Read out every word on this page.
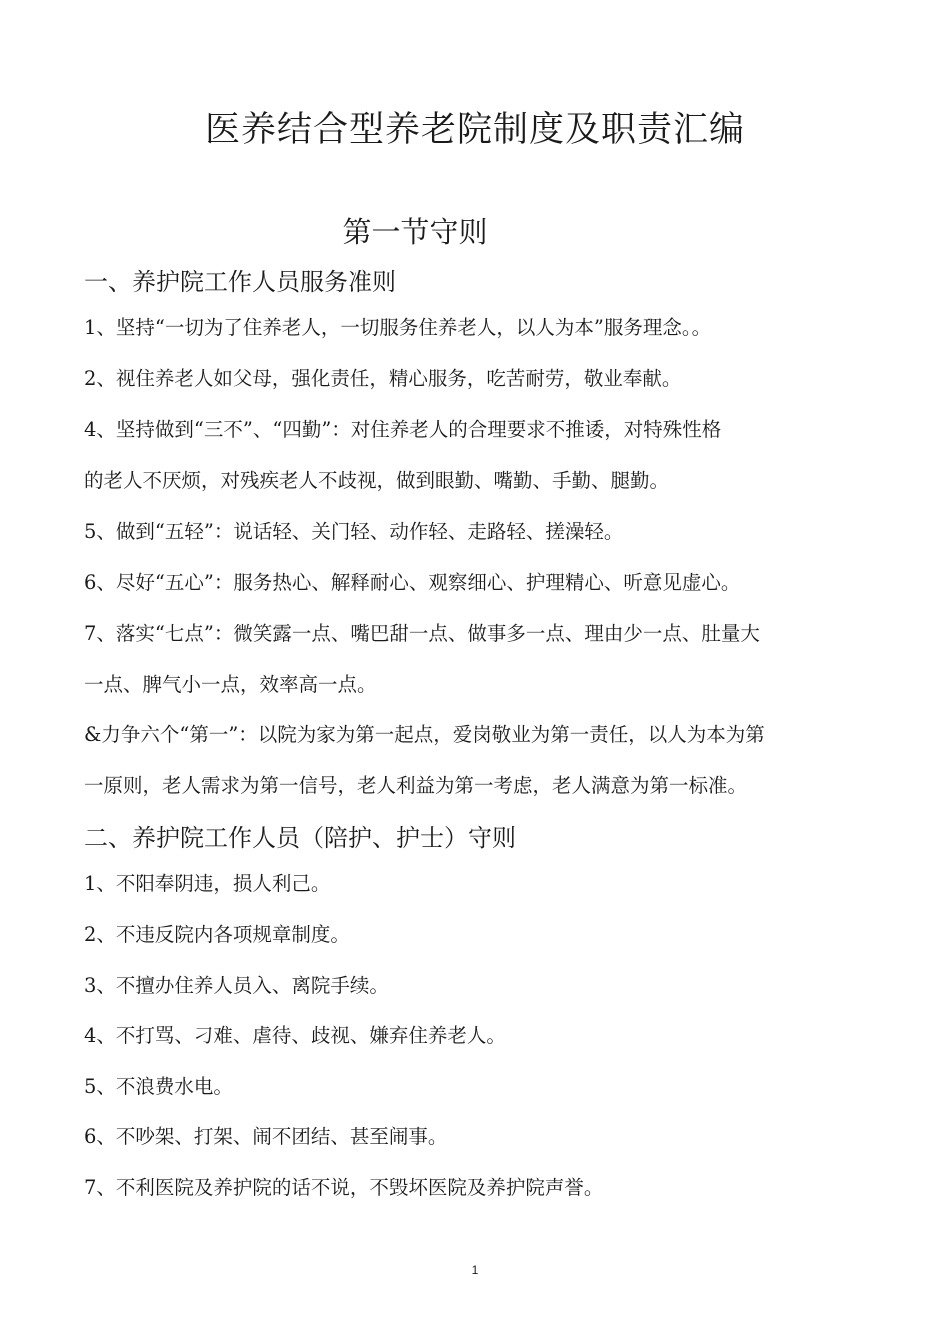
医养结合型养老院制度及职责汇编
第一节守则
一、养护院工作人员服务准则

1、坚持“一切为了住养老人，一切服务住养老人，以人为本”服务理念。。

2、视住养老人如父母，强化责任，精心服务，吃苦耐劳，敬业奉献。

4、坚持做到“三不”、“四勤”：对住养老人的合理要求不推诿，对特殊性格

的老人不厌烦，对残疾老人不歧视，做到眼勤、嘴勤、手勤、腿勤。

5、做到“五轻”：说话轻、关门轻、动作轻、走路轻、搓澡轻。

6、尽好“五心”：服务热心、解释耐心、观察细心、护理精心、听意见虚心。

7、落实“七点”：微笑露一点、嘴巴甜一点、做事多一点、理由少一点、肚量大

一点、脾气小一点，效率高一点。

&力争六个“第一”：以院为家为第一起点，爱岗敬业为第一责任，以人为本为第

一原则，老人需求为第一信号，老人利益为第一考虑，老人满意为第一标准。

二、养护院工作人员（陪护、护士）守则

1、不阳奉阴违，损人利己。

2、不违反院内各项规章制度。

3、不擅办住养人员入、离院手续。

4、不打骂、刁难、虐待、歧视、嫌弃住养老人。

5、不浪费水电。

6、不吵架、打架、闹不团结、甚至闹事。

7、不利医院及养护院的话不说，不毁坏医院及养护院声誉。

1
